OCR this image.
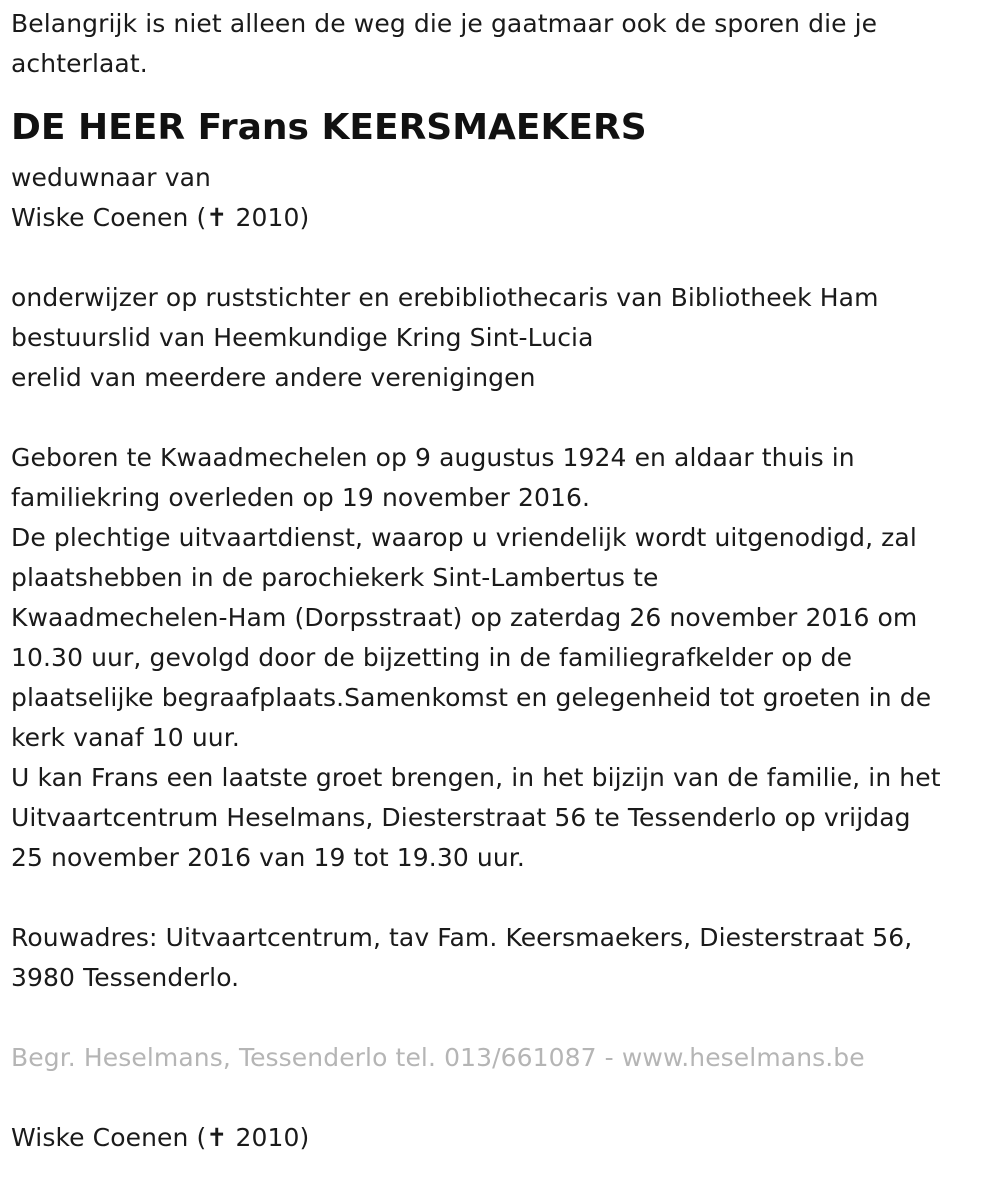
Belangrijk is niet alleen de weg die je gaatmaar ook de sporen die je

achterlaat.

DE HEER Frans KEERSMAEKERS

weduwnaar van

Wiske Coenen (✝ 2010)

onderwijzer op ruststichter en erebibliothecaris van Bibliotheek Ham

bestuurslid van Heemkundige Kring Sint-Lucia

erelid van meerdere andere verenigingen

Geboren te Kwaadmechelen op 9 augustus 1924 en aldaar thuis in

familiekring overleden op 19 november 2016.

De plechtige uitvaartdienst, waarop u vriendelijk wordt uitgenodigd, zal

plaatshebben in de parochiekerk Sint-Lambertus te

Kwaadmechelen-Ham (Dorpsstraat) op zaterdag 26 november 2016 om

10.30 uur, gevolgd door de bijzetting in de familiegrafkelder op de

plaatselijke begraafplaats.Samenkomst en gelegenheid tot groeten in de

kerk vanaf 10 uur.

U kan Frans een laatste groet brengen, in het bijzijn van de familie, in het

Uitvaartcentrum Heselmans, Diesterstraat 56 te Tessenderlo op vrijdag

25 november 2016 van 19 tot 19.30 uur.

Rouwadres: Uitvaartcentrum, tav Fam. Keersmaekers, Diesterstraat 56,

3980 Tessenderlo.

Begr. Heselmans, Tessenderlo tel. 013/661087 - www.heselmans.be

Wiske Coenen (✝ 2010)
